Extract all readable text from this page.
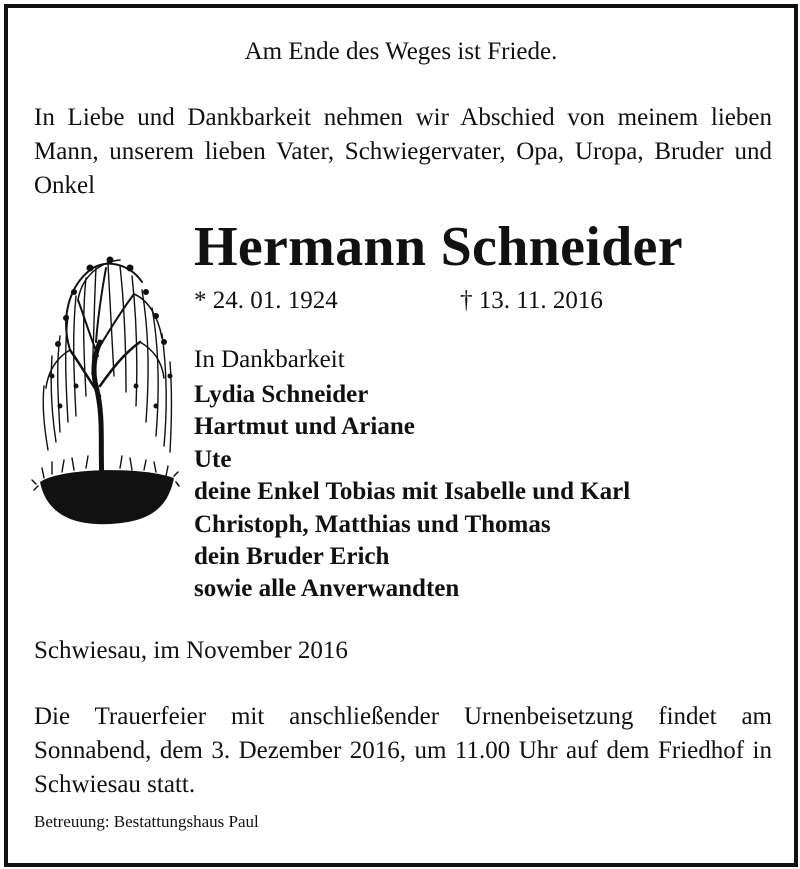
Am Ende des Weges ist Friede.
In Liebe und Dankbarkeit nehmen wir Abschied von meinem lieben Mann, unserem lieben Vater, Schwiegervater, Opa, Uropa, Bruder und Onkel
Hermann Schneider
* 24. 01. 1924	† 13. 11. 2016
In Dankbarkeit
Lydia Schneider
Hartmut und Ariane
Ute
deine Enkel Tobias mit Isabelle und Karl
Christoph, Matthias und Thomas
dein Bruder Erich
sowie alle Anverwandten
Schwiesau, im November 2016
Die Trauerfeier mit anschließender Urnenbeisetzung findet am Sonnabend, dem 3. Dezember 2016, um 11.00 Uhr auf dem Friedhof in Schwiesau statt.
Betreuung: Bestattungshaus Paul
